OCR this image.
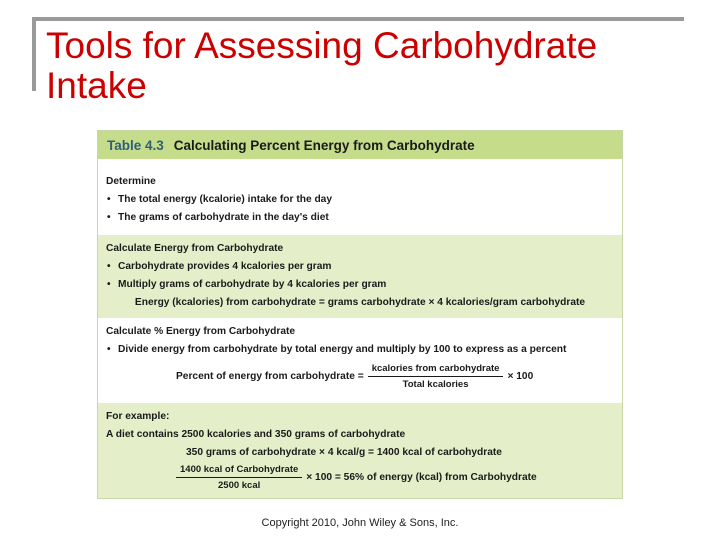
Tools for Assessing Carbohydrate Intake
Table 4.3 Calculating Percent Energy from Carbohydrate
Determine
• The total energy (kcalorie) intake for the day
• The grams of carbohydrate in the day's diet
Calculate Energy from Carbohydrate
• Carbohydrate provides 4 kcalories per gram
• Multiply grams of carbohydrate by 4 kcalories per gram
Energy (kcalories) from carbohydrate = grams carbohydrate × 4 kcalories/gram carbohydrate
Calculate % Energy from Carbohydrate
• Divide energy from carbohydrate by total energy and multiply by 100 to express as a percent
Percent of energy from carbohydrate = $\frac{\text{kcalories from carbohydrate}}{\text{Total kcalories}} \times 100$
For example:
A diet contains 2500 kcalories and 350 grams of carbohydrate
350 grams of carbohydrate × 4 kcal/g = 1400 kcal of carbohydrate
$\frac{\text{1400 kcal of Carbohydrate}}{\text{2500 kcal}} \times 100 = 56\%$ of energy (kcal) from Carbohydrate
Copyright 2010, John Wiley & Sons, Inc.
